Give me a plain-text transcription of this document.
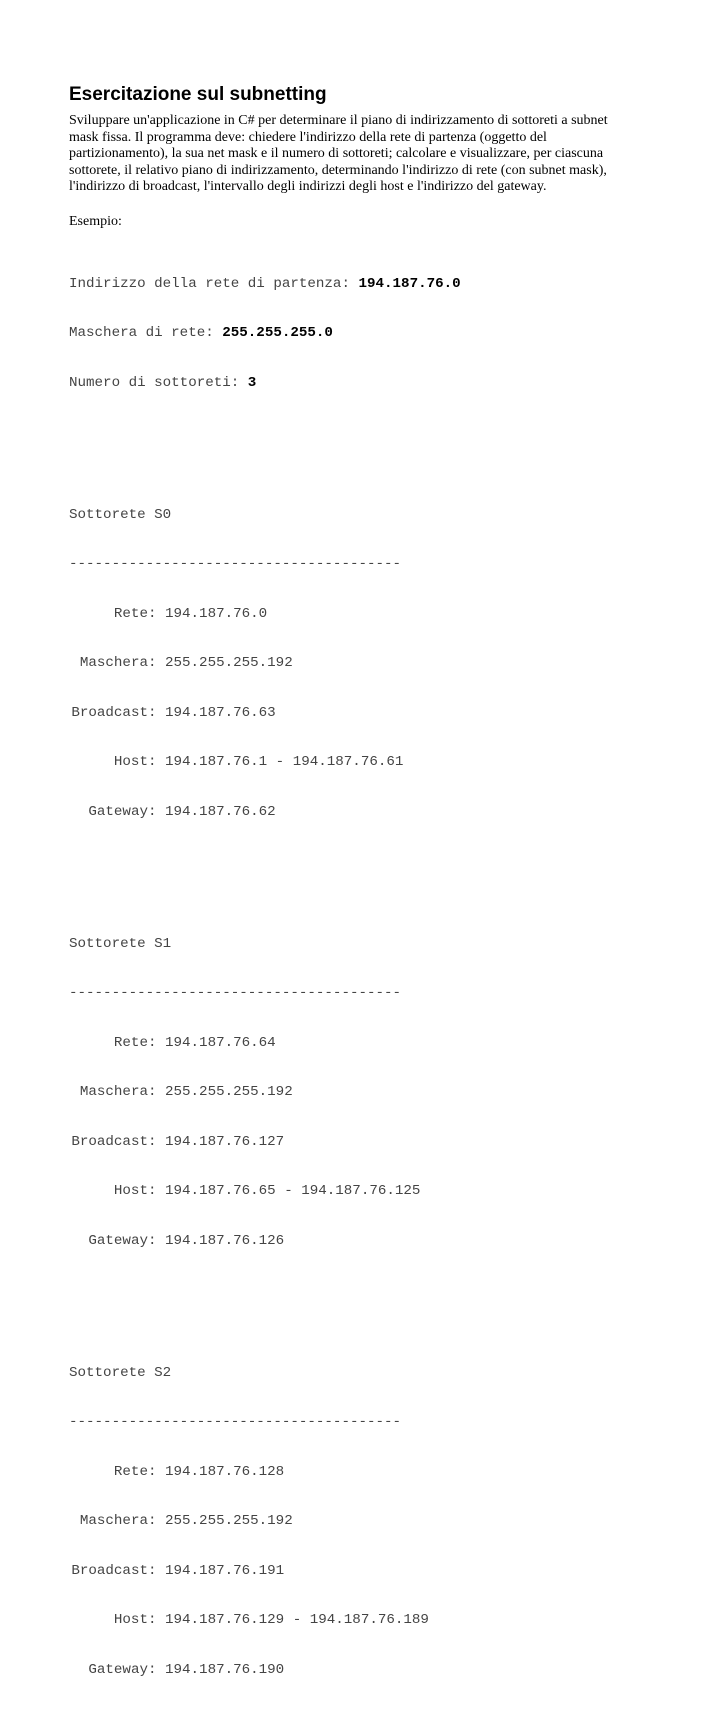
Esercitazione sul subnetting

Sviluppare un'applicazione in C# per determinare il piano di indirizzamento di sottoreti a subnet
mask fissa. Il programma deve: chiedere l'indirizzo della rete di partenza (oggetto del
partizionamento), la sua net mask e il numero di sottoreti; calcolare e visualizzare, per ciascuna
sottorete, il relativo piano di indirizzamento, determinando l'indirizzo di rete (con subnet mask),
l'indirizzo di broadcast, l'intervallo degli indirizzi degli host e l'indirizzo del gateway.

Esempio:

Indirizzo della rete di partenza: 194.187.76.0

Maschera di rete: 255.255.255.0

Numero di sottoreti: 3

Sottorete S0

---------------------------------------

Rete: 194.187.76.0

Maschera: 255.255.255.192

Broadcast: 194.187.76.63

Host: 194.187.76.1 - 194.187.76.61

Gateway: 194.187.76.62

Sottorete S1

---------------------------------------

Rete: 194.187.76.64

Maschera: 255.255.255.192

Broadcast: 194.187.76.127

Host: 194.187.76.65 - 194.187.76.125

Gateway: 194.187.76.126

Sottorete S2

---------------------------------------

Rete: 194.187.76.128

Maschera: 255.255.255.192

Broadcast: 194.187.76.191

Host: 194.187.76.129 - 194.187.76.189

Gateway: 194.187.76.190
